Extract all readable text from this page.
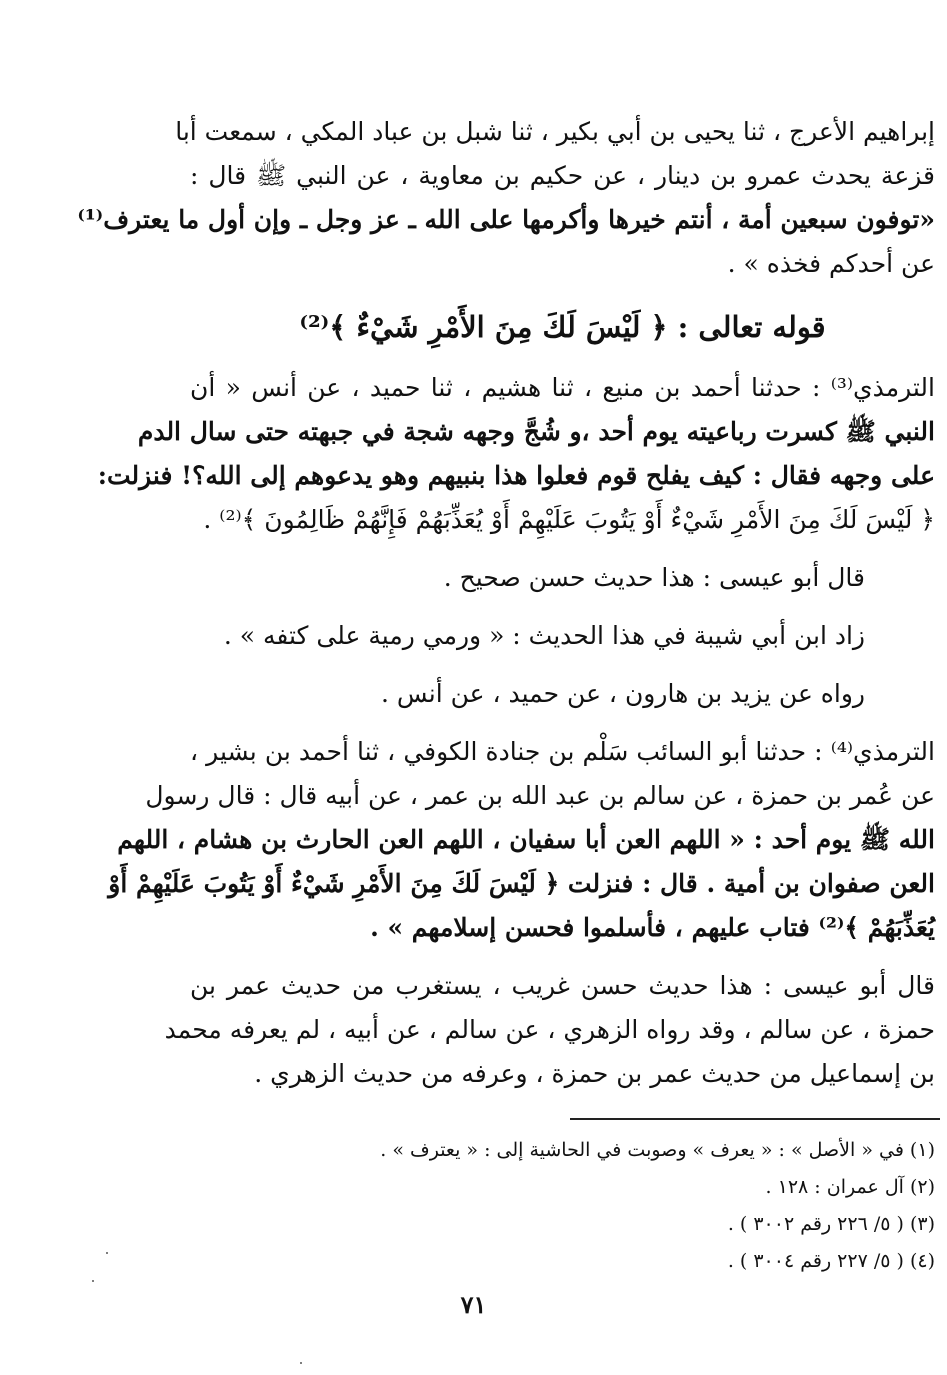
إبراهيم الأعرج ، ثنا يحيى بن أبي بكير ، ثنا شبل بن عباد المكي ، سمعت أبا
قزعة يحدث عمرو بن دينار ، عن حكيم بن معاوية ، عن النبي ﷺ قال :
«توفون سبعين أمة ، أنتم خيرها وأكرمها على الله ـ عز وجل ـ وإن أول ما يعترف⁽¹⁾
عن أحدكم فخذه » .
قوله تعالى : ﴿ لَيْسَ لَكَ مِنَ الأَمْرِ شَيْءٌ ﴾⁽²⁾
الترمذي⁽³⁾ : حدثنا أحمد بن منيع ، ثنا هشيم ، ثنا حميد ، عن أنس « أن
النبي ﷺ كسرت رباعيته يوم أحد ،و شُجَّ وجهه شجة في جبهته حتى سال الدم
على وجهه فقال : كيف يفلح قوم فعلوا هذا بنبيهم وهو يدعوهم إلى الله؟! فنزلت:
﴿ لَيْسَ لَكَ مِنَ الأَمْرِ شَيْءٌ أَوْ يَتُوبَ عَلَيْهِمْ أَوْ يُعَذِّبَهُمْ فَإِنَّهُمْ ظَالِمُونَ ﴾⁽²⁾ .
قال أبو عيسى : هذا حديث حسن صحيح .
زاد ابن أبي شيبة في هذا الحديث : « ورمي رمية على كتفه » .
رواه عن يزيد بن هارون ، عن حميد ، عن أنس .
الترمذي⁽⁴⁾ : حدثنا أبو السائب سَلْم بن جنادة الكوفي ، ثنا أحمد بن بشير ،
عن عُمر بن حمزة ، عن سالم بن عبد الله بن عمر ، عن أبيه قال : قال رسول
الله ﷺ يوم أحد : « اللهم العن أبا سفيان ، اللهم العن الحارث بن هشام ، اللهم
العن صفوان بن أمية . قال : فنزلت ﴿ لَيْسَ لَكَ مِنَ الأَمْرِ شَيْءٌ أَوْ يَتُوبَ عَلَيْهِمْ أَوْ
يُعَذِّبَهُمْ ﴾⁽²⁾ فتاب عليهم ، فأسلموا فحسن إسلامهم » .
قال أبو عيسى : هذا حديث حسن غريب ، يستغرب من حديث عمر بن
حمزة ، عن سالم ، وقد رواه الزهري ، عن سالم ، عن أبيه ، لم يعرفه محمد
بن إسماعيل من حديث عمر بن حمزة ، وعرفه من حديث الزهري .
(١) في « الأصل » : « يعرف » وصوبت في الحاشية إلى : « يعترف » .
(٢) آل عمران : ١٢٨ .
(٣) ( ٥/ ٢٢٦ رقم ٣٠٠٢ ) .
(٤) ( ٥/ ٢٢٧ رقم ٣٠٠٤ ) .
٧١
